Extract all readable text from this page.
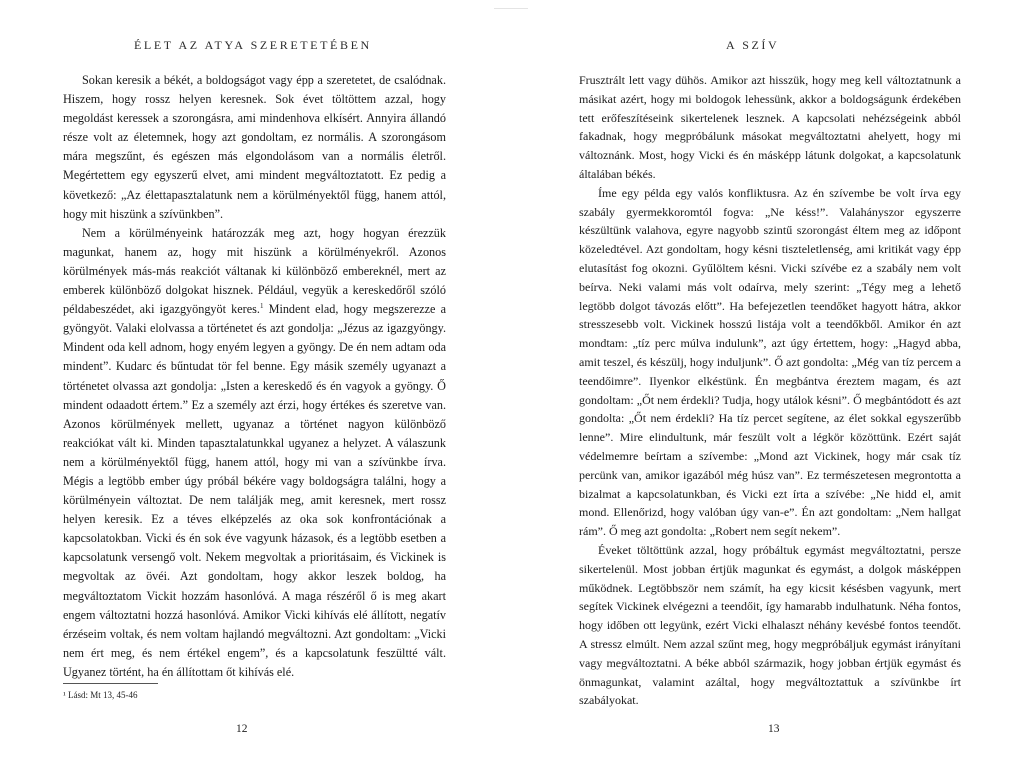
ÉLET AZ ATYA SZERETETÉBEN

Sokan keresik a békét, a boldogságot vagy épp a szeretetet, de csalódnak. Hiszem, hogy rossz helyen keresnek. Sok évet töltöttem azzal, hogy megoldást keressek a szorongásra, ami mindenhova elkísért. Annyira állandó része volt az életemnek, hogy azt gondoltam, ez normális. A szorongásom mára megszűnt, és egészen más elgondolásom van a normális életről. Megértettem egy egyszerű elvet, ami mindent megváltoztatott. Ez pedig a következő: „Az élettapasztalatunk nem a körülményektől függ, hanem attól, hogy mit hiszünk a szívünkben”.

Nem a körülményeink határozzák meg azt, hogy hogyan érezzük magunkat, hanem az, hogy mit hiszünk a körülményekről. Azonos körülmények más-más reakciót váltanak ki különböző embereknél, mert az emberek különböző dolgokat hisznek. Például, vegyük a kereskedőről szóló példabeszédet, aki igazgyöngyöt keres.$^1$ Mindent elad, hogy megszerezze a gyöngyöt. Valaki elolvassa a történetet és azt gondolja: „Jézus az igazgyöngy. Mindent oda kell adnom, hogy enyém legyen a gyöngy. De én nem adtam oda mindent”. Kudarc és bűntudat tör fel benne. Egy másik személy ugyanazt a történetet olvassa azt gondolja: „Isten a kereskedő és én vagyok a gyöngy. Ő mindent odaadott értem.” Ez a személy azt érzi, hogy értékes és szeretve van. Azonos körülmények mellett, ugyanaz a történet nagyon különböző reakciókat vált ki. Minden tapasztalatunkkal ugyanez a helyzet. A válaszunk nem a körülményektől függ, hanem attól, hogy mi van a szívünkbe írva. Mégis a legtöbb ember úgy próbál békére vagy boldogságra találni, hogy a körülményein változtat. De nem találják meg, amit keresnek, mert rossz helyen keresik. Ez a téves elképzelés az oka sok konfrontációnak a kapcsolatokban. Vicki és én sok éve vagyunk házasok, és a legtöbb esetben a kapcsolatunk versengő volt. Nekem megvoltak a prioritásaim, és Vickinek is megvoltak az övéi. Azt gondoltam, hogy akkor leszek boldog, ha megváltoztatom Vickit hozzám hasonlóvá. A maga részéről ő is meg akart engem változtatni hozzá hasonlóvá. Amikor Vicki kihívás elé állított, negatív érzéseim voltak, és nem voltam hajlandó megváltozni. Azt gondoltam: „Vicki nem ért meg, és nem értékel engem”, és a kapcsolatunk feszültté vált. Ugyanez történt, ha én állítottam őt kihívás elé.

¹ Lásd: Mt 13, 45-46
12
A SZÍV

Frusztrált lett vagy dühös. Amikor azt hisszük, hogy meg kell változtatnunk a másikat azért, hogy mi boldogok lehessünk, akkor a boldogságunk érdekében tett erőfeszítéseink sikertelenek lesznek. A kapcsolati nehézségeink abból fakadnak, hogy megpróbálunk másokat megváltoztatni ahelyett, hogy mi változnánk. Most, hogy Vicki és én másképp látunk dolgokat, a kapcsolatunk általában békés.

Íme egy példa egy valós konfliktusra. Az én szívembe be volt írva egy szabály gyermekkoromtól fogva: „Ne késs!”. Valahányszor egyszerre készültünk valahova, egyre nagyobb szintű szorongást éltem meg az időpont közeledtével. Azt gondoltam, hogy késni tiszteletlenség, ami kritikát vagy épp elutasítást fog okozni. Gyűlöltem késni. Vicki szívébe ez a szabály nem volt beírva. Neki valami más volt odaírva, mely szerint: „Tégy meg a lehető legtöbb dolgot távozás előtt”. Ha befejezetlen teendőket hagyott hátra, akkor stresszesebb volt. Vickinek hosszú listája volt a teendőkből. Amikor én azt mondtam: „tíz perc múlva indulunk”, azt úgy értettem, hogy: „Hagyd abba, amit teszel, és készülj, hogy induljunk”. Ő azt gondolta: „Még van tíz percem a teendőimre”. Ilyenkor elkéstünk. Én megbántva éreztem magam, és azt gondoltam: „Őt nem érdekli? Tudja, hogy utálok késni”. Ő megbántódott és azt gondolta: „Őt nem érdekli? Ha tíz percet segítene, az élet sokkal egyszerűbb lenne”. Mire elindultunk, már feszült volt a légkör közöttünk. Ezért saját védelmemre beírtam a szívembe: „Mond azt Vickinek, hogy már csak tíz percünk van, amikor igazából még húsz van”. Ez természetesen megrontotta a bizalmat a kapcsolatunkban, és Vicki ezt írta a szívébe: „Ne hidd el, amit mond. Ellenőrizd, hogy valóban úgy van-e”. Én azt gondoltam: „Nem hallgat rám”. Ő meg azt gondolta: „Robert nem segít nekem”.

Éveket töltöttünk azzal, hogy próbáltuk egymást megváltoztatni, persze sikertelenül. Most jobban értjük magunkat és egymást, a dolgok másképpen működnek. Legtöbbször nem számít, ha egy kicsit késésben vagyunk, mert segítek Vickinek elvégezni a teendőit, így hamarabb indulhatunk. Néha fontos, hogy időben ott legyünk, ezért Vicki elhalaszt néhány kevésbé fontos teendőt. A stressz elmúlt. Nem azzal szűnt meg, hogy megpróbáljuk egymást irányítani vagy megváltoztatni. A béke abból származik, hogy jobban értjük egymást és önmagunkat, valamint azáltal, hogy megváltoztattuk a szívünkbe írt szabályokat.

13
